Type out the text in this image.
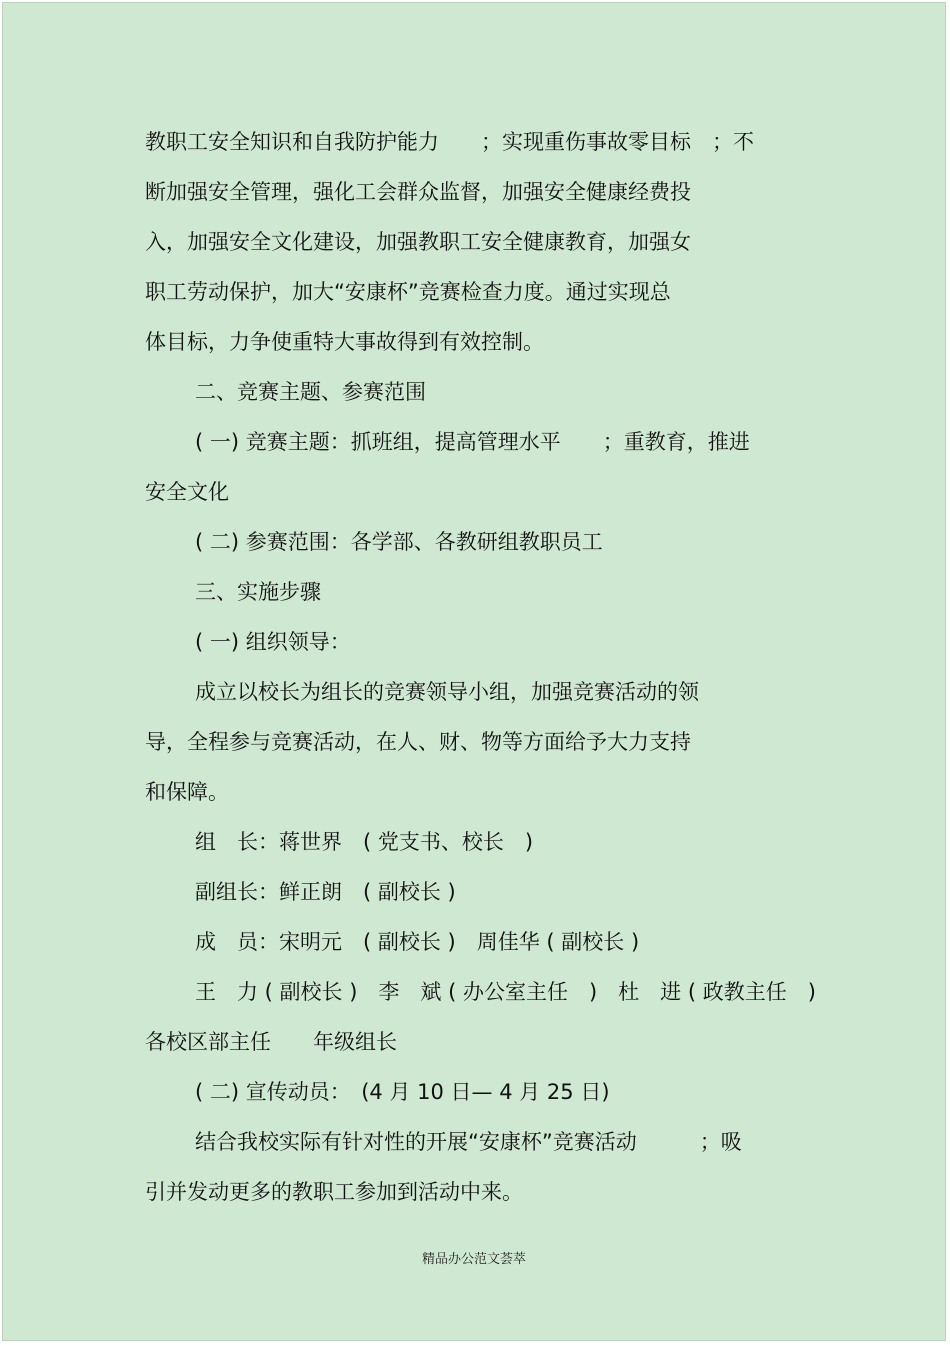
教职工安全知识和自我防护能力　　；实现重伤事故零目标　；不

断加强安全管理，强化工会群众监督，加强安全健康经费投

入，加强安全文化建设，加强教职工安全健康教育，加强女

职工劳动保护，加大“安康杯”竞赛检查力度。通过实现总

体目标，力争使重特大事故得到有效控制。

二、竞赛主题、参赛范围

( 一) 竞赛主题：抓班组，提高管理水平　　；重教育，推进

安全文化

( 二) 参赛范围：各学部、各教研组教职员工

三、实施步骤

( 一) 组织领导：

成立以校长为组长的竞赛领导小组，加强竞赛活动的领

导，全程参与竞赛活动，在人、财、物等方面给予大力支持

和保障。

组　长：蒋世界　( 党支书、校长　)

副组长：鲜正朗　( 副校长 )

成　员：宋明元　( 副校长 )　周佳华 ( 副校长 )

王　力 ( 副校长 )　李　斌 ( 办公室主任　)　杜　进 ( 政教主任　)

各校区部主任　　年级组长

( 二) 宣传动员：　(4 月 10 日— 4 月 25 日)

结合我校实际有针对性的开展“安康杯”竞赛活动　　　；吸

引并发动更多的教职工参加到活动中来。

精品办公范文荟萃
